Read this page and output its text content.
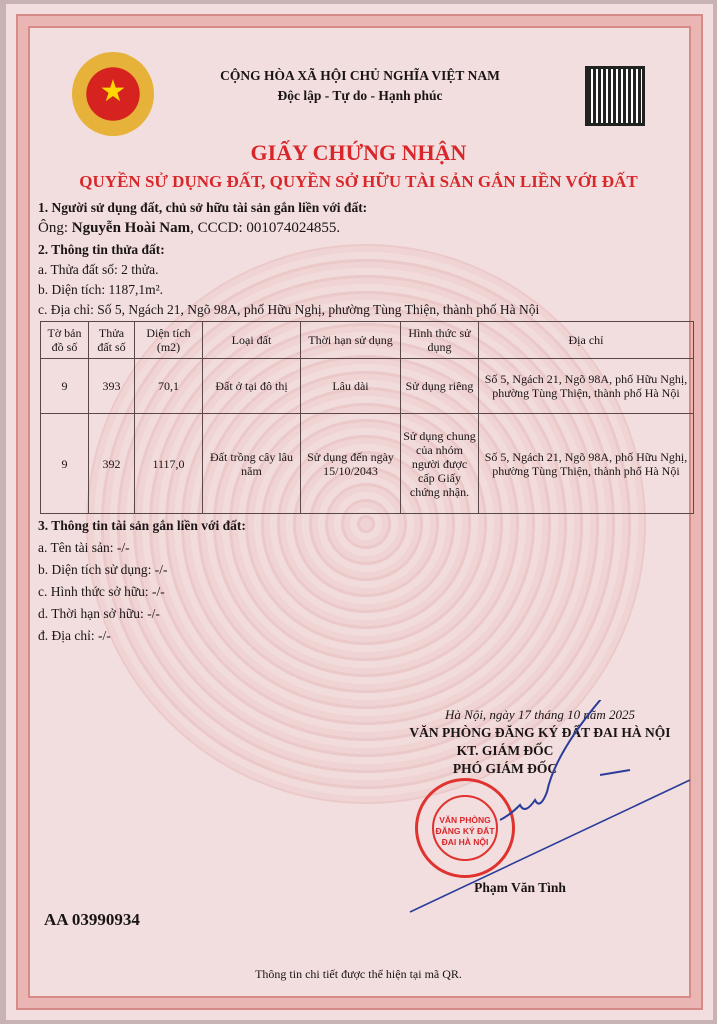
★	CỘNG HÒA XÃ HỘI CHỦ NGHĨA VIỆT NAM
Độc lập - Tự do - Hạnh phúc
GIẤY CHỨNG NHẬN
QUYỀN SỬ DỤNG ĐẤT, QUYỀN SỞ HỮU TÀI SẢN GẮN LIỀN VỚI ĐẤT
1. Người sử dụng đất, chủ sở hữu tài sản gắn liền với đất:
Ông: Nguyễn Hoài Nam, CCCD: 001074024855.
2. Thông tin thửa đất:
a. Thửa đất số: 2 thửa.
b. Diện tích: 1187,1m².
c. Địa chỉ: Số 5, Ngách 21, Ngõ 98A, phố Hữu Nghị, phường Tùng Thiện, thành phố Hà Nội
Tờ bản đồ số	Thửa đất số	Diện tích (m2)	Loại đất	Thời hạn sử dụng	Hình thức sử dụng	Địa chỉ
9	393	70,1	Đất ở tại đô thị	Lâu dài	Sử dụng riêng	Số 5, Ngách 21, Ngõ 98A, phố Hữu Nghị, phường Tùng Thiện, thành phố Hà Nội
9	392	1117,0	Đất trồng cây lâu năm	Sử dụng đến ngày 15/10/2043	Sử dụng chung của nhóm người được cấp Giấy chứng nhận.	Số 5, Ngách 21, Ngõ 98A, phố Hữu Nghị, phường Tùng Thiện, thành phố Hà Nội
3. Thông tin tài sản gắn liền với đất:
a. Tên tài sản: -/-
b. Diện tích sử dụng: -/-
c. Hình thức sở hữu: -/-
d. Thời hạn sở hữu: -/-
đ. Địa chỉ: -/-
Hà Nội, ngày 17 tháng 10 năm 2025
VĂN PHÒNG ĐĂNG KÝ ĐẤT ĐAI HÀ NỘI
KT. GIÁM ĐỐC
PHÓ GIÁM ĐỐC
VĂN PHÒNG ĐĂNG KÝ ĐẤT ĐAI HÀ NỘI
Phạm Văn Tình
AA 03990934
Thông tin chi tiết được thể hiện tại mã QR.
